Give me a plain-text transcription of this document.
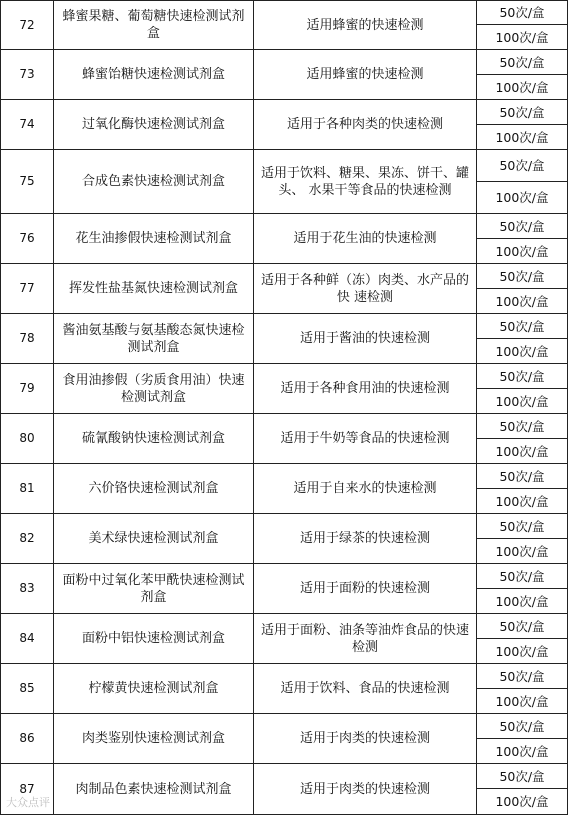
72	蜂蜜果糖、葡萄糖快速检测试剂盒	适用蜂蜜的快速检测	50次/盒
			100次/盒
73	蜂蜜饴糖快速检测试剂盒	适用蜂蜜的快速检测	50次/盒
			100次/盒
74	过氧化酶快速检测试剂盒	适用于各种肉类的快速检测	50次/盒
			100次/盒
75	合成色素快速检测试剂盒	适用于饮料、糖果、果冻、饼干、罐头、 水果干等食品的快速检测	50次/盒
			100次/盒
76	花生油掺假快速检测试剂盒	适用于花生油的快速检测	50次/盒
			100次/盒
77	挥发性盐基氮快速检测试剂盒	适用于各种鲜（冻）肉类、水产品的快 速检测	50次/盒
			100次/盒
78	酱油氨基酸与氨基酸态氮快速检测试剂盒	适用于酱油的快速检测	50次/盒
			100次/盒
79	食用油掺假（劣质食用油）快速检测试剂盒	适用于各种食用油的快速检测	50次/盒
			100次/盒
80	硫氰酸钠快速检测试剂盒	适用于牛奶等食品的快速检测	50次/盒
			100次/盒
81	六价铬快速检测试剂盒	适用于自来水的快速检测	50次/盒
			100次/盒
82	美术绿快速检测试剂盒	适用于绿茶的快速检测	50次/盒
			100次/盒
83	面粉中过氧化苯甲酰快速检测试剂盒	适用于面粉的快速检测	50次/盒
			100次/盒
84	面粉中铝快速检测试剂盒	适用于面粉、油条等油炸食品的快速检测	50次/盒
			100次/盒
85	柠檬黄快速检测试剂盒	适用于饮料、食品的快速检测	50次/盒
			100次/盒
86	肉类鉴别快速检测试剂盒	适用于肉类的快速检测	50次/盒
			100次/盒
87	肉制品色素快速检测试剂盒	适用于肉类的快速检测	50次/盒
			100次/盒
大众点评
